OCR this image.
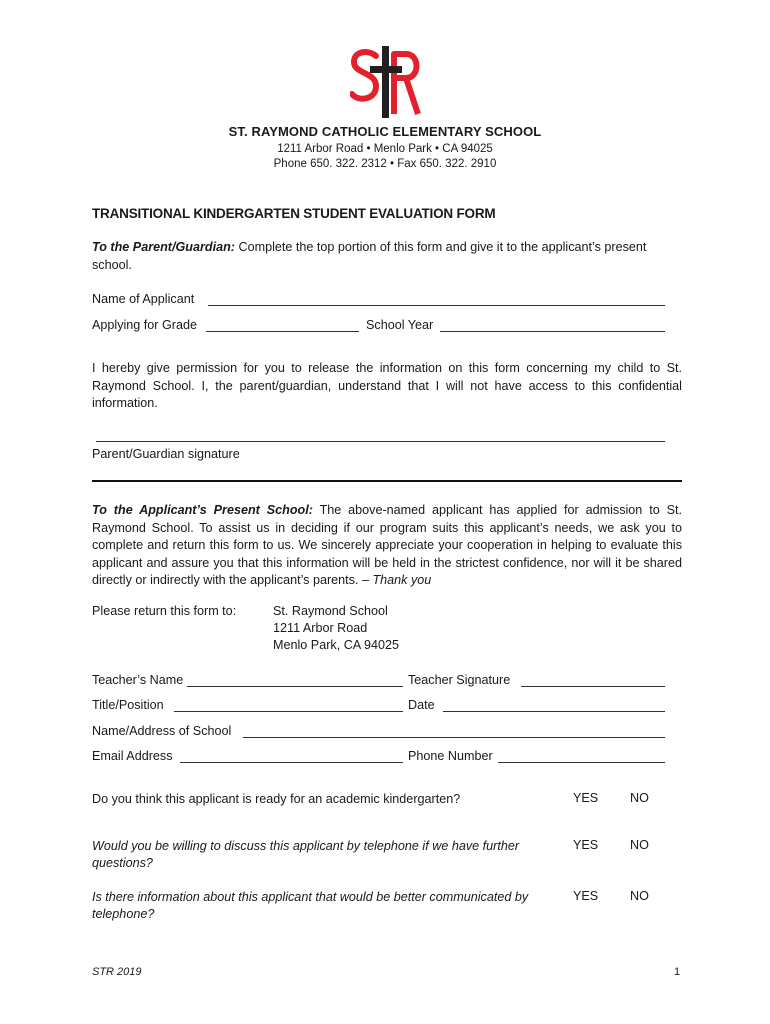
STR
ST. RAYMOND CATHOLIC ELEMENTARY SCHOOL
1211 Arbor Road • Menlo Park • CA 94025
Phone 650. 322. 2312 • Fax 650. 322. 2910
TRANSITIONAL KINDERGARTEN STUDENT EVALUATION FORM
To the Parent/Guardian: Complete the top portion of this form and give it to the applicant’s present school.
Name of Applicant
Applying for Grade	School Year
I hereby give permission for you to release the information on this form concerning my child to St. Raymond School. I, the parent/guardian, understand that I will not have access to this confidential information.
Parent/Guardian signature
To the Applicant’s Present School: The above-named applicant has applied for admission to St. Raymond School. To assist us in deciding if our program suits this applicant’s needs, we ask you to complete and return this form to us. We sincerely appreciate your cooperation in helping to evaluate this applicant and assure you that this information will be held in the strictest confidence, nor will it be shared directly or indirectly with the applicant’s parents. – Thank you
Please return this form to:	St. Raymond School
1211 Arbor Road
Menlo Park, CA 94025
Teacher’s Name	Teacher Signature
Title/Position	Date
Name/Address of School
Email Address	Phone Number
Do you think this applicant is ready for an academic kindergarten?	YES	NO
Would you be willing to discuss this applicant by telephone if we have further questions?
YES	NO
Is there information about this applicant that would be better communicated by telephone?
YES	NO
STR 2019	1
